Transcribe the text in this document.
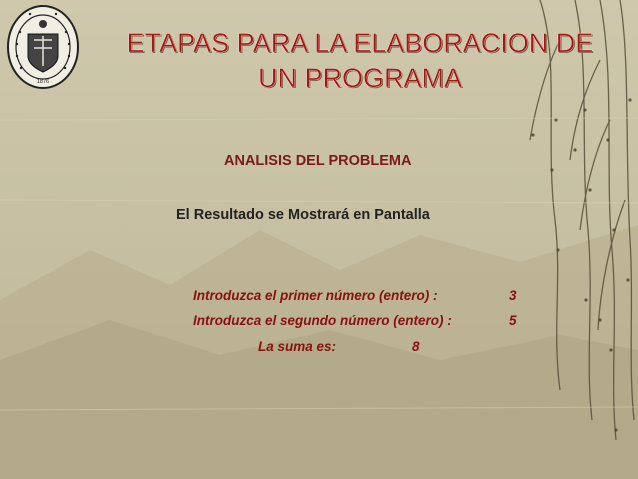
1876
ETAPAS PARA LA ELABORACION DE
UN PROGRAMA
ANALISIS DEL PROBLEMA
El Resultado se Mostrará en Pantalla
Introduzca el primer número (entero) :	3
Introduzca el segundo número (entero) :	5
La suma es:	8
